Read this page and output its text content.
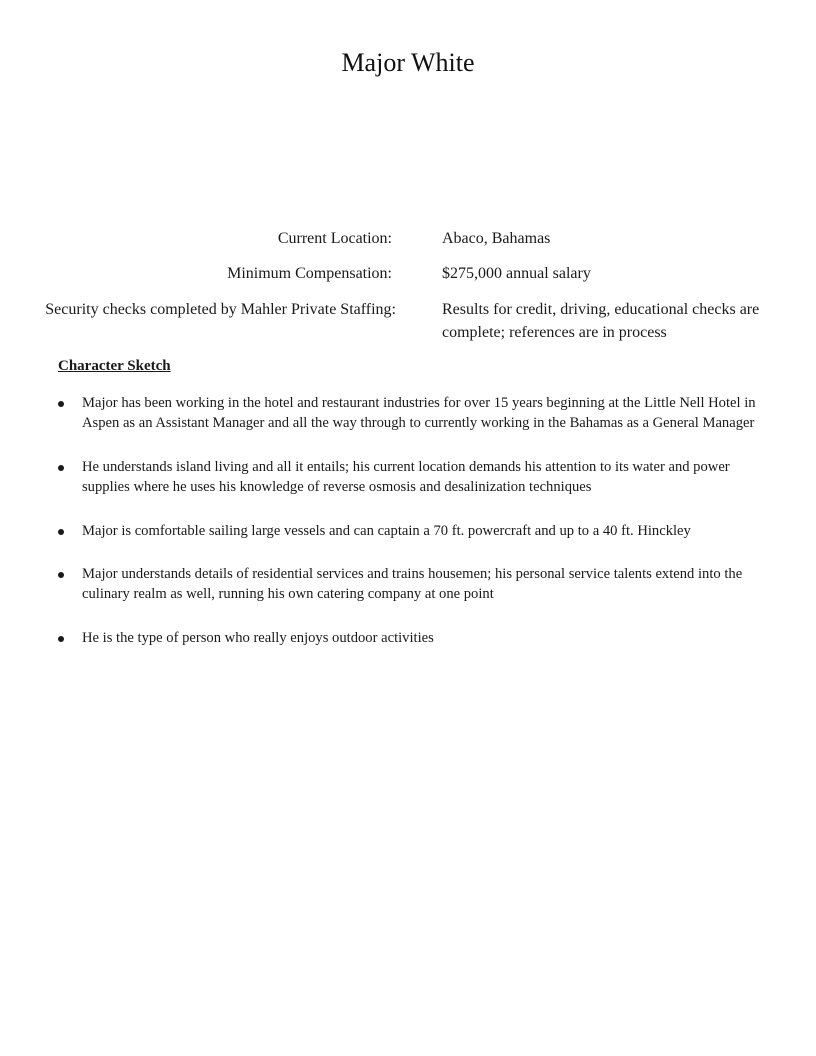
Major White
Current Location:	Abaco, Bahamas
Minimum Compensation:	$275,000 annual salary
Security checks completed by Mahler Private Staffing:	Results for credit, driving, educational checks are complete; references are in process
Character Sketch
Major has been working in the hotel and restaurant industries for over 15 years beginning at the Little Nell Hotel in Aspen as an Assistant Manager and all the way through to currently working in the Bahamas as a General Manager
He understands island living and all it entails; his current location demands his attention to its water and power supplies where he uses his knowledge of reverse osmosis and desalinization techniques
Major is comfortable sailing large vessels and can captain a 70 ft. powercraft and up to a 40 ft. Hinckley
Major understands details of residential services and trains housemen; his personal service talents extend into the culinary realm as well, running his own catering company at one point
He is the type of person who really enjoys outdoor activities
